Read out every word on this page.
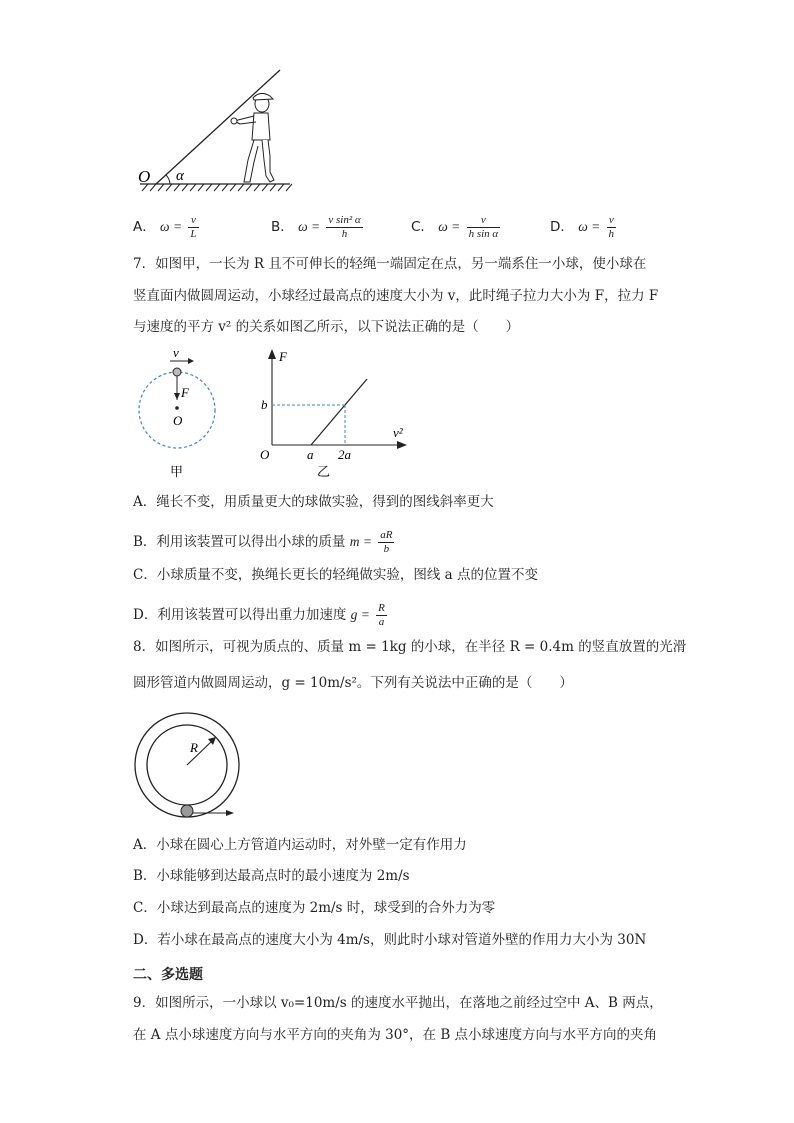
O α
A． $\omega = \frac{v}{L}$	B． $\omega = \frac{\text{v sin² α}}{h}$	C． $\omega = \frac{v}{\text{h sin α}}$	D． $\omega = \frac{v}{h}$
7．如图甲，一长为 R 且不可伸长的轻绳一端固定在点，另一端系住一小球，使小球在
竖直面内做圆周运动，小球经过最高点的速度大小为 v，此时绳子拉力大小为 F，拉力 F
与速度的平方 v² 的关系如图乙所示，以下说法正确的是（　　）
v
F
O
甲
F
b
O	a 2a
v²
乙
A．绳长不变，用质量更大的球做实验，得到的图线斜率更大
B．利用该装置可以得出小球的质量 $m = \frac{aR}{b}$
C．小球质量不变，换绳长更长的轻绳做实验，图线 a 点的位置不变
D．利用该装置可以得出重力加速度 $g = \frac{R}{a}$
8．如图所示，可视为质点的、质量 m = 1kg 的小球，在半径 R = 0.4m 的竖直放置的光滑
圆形管道内做圆周运动，g = 10m/s²。下列有关说法中正确的是（　　）
R
A．小球在圆心上方管道内运动时，对外壁一定有作用力
B．小球能够到达最高点时的最小速度为 2m/s
C．小球达到最高点的速度为 2m/s 时，球受到的合外力为零
D．若小球在最高点的速度大小为 4m/s，则此时小球对管道外壁的作用力大小为 30N
二、多选题
9．如图所示，一小球以 v₀=10m/s 的速度水平抛出，在落地之前经过空中 A、B 两点，
在 A 点小球速度方向与水平方向的夹角为 30°，在 B 点小球速度方向与水平方向的夹角
